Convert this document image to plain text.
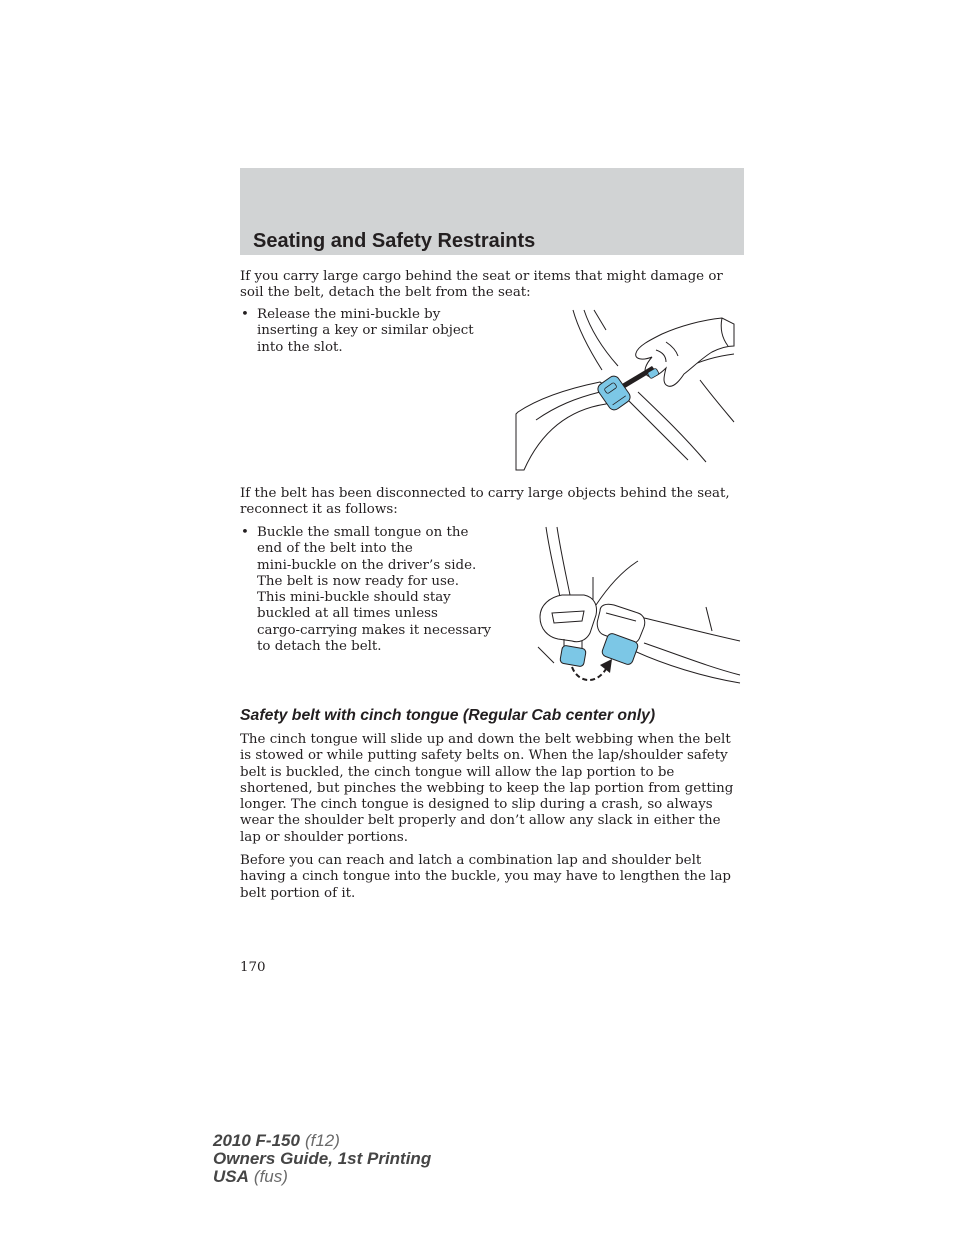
Seating and Safety Restraints
If you carry large cargo behind the seat or items that might damage or
soil the belt, detach the belt from the seat:
• Release the mini-buckle by
inserting a key or similar object
into the slot.
If the belt has been disconnected to carry large objects behind the seat,
reconnect it as follows:
• Buckle the small tongue on the
end of the belt into the
mini-buckle on the driver’s side.
The belt is now ready for use.
This mini-buckle should stay
buckled at all times unless
cargo-carrying makes it necessary
to detach the belt.
Safety belt with cinch tongue (Regular Cab center only)
The cinch tongue will slide up and down the belt webbing when the belt
is stowed or while putting safety belts on. When the lap/shoulder safety
belt is buckled, the cinch tongue will allow the lap portion to be
shortened, but pinches the webbing to keep the lap portion from getting
longer. The cinch tongue is designed to slip during a crash, so always
wear the shoulder belt properly and don’t allow any slack in either the
lap or shoulder portions.
Before you can reach and latch a combination lap and shoulder belt
having a cinch tongue into the buckle, you may have to lengthen the lap
belt portion of it.
170
2010 F-150 (f12)
Owners Guide, 1st Printing
USA (fus)
